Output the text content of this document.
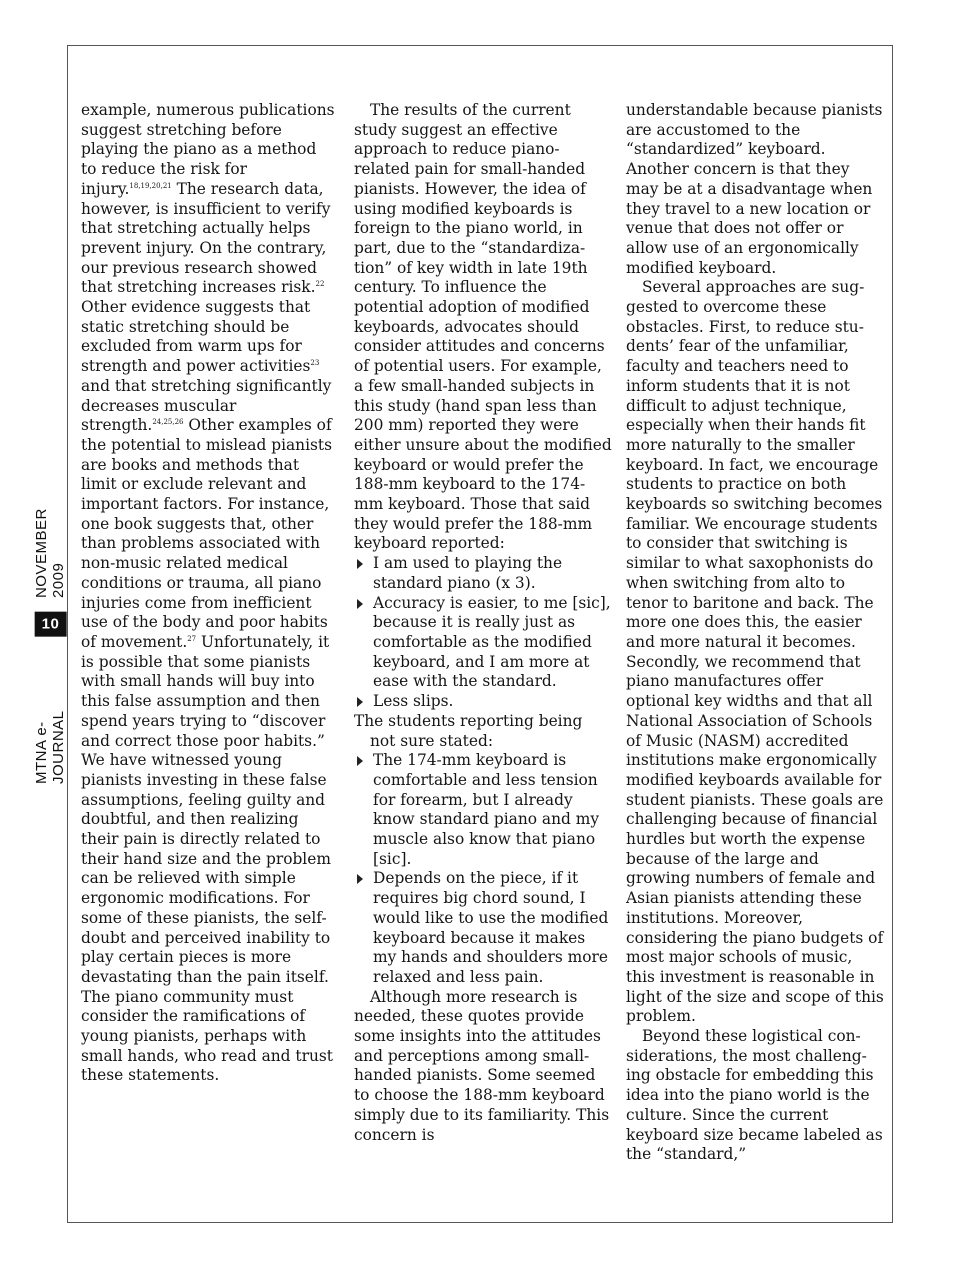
MTNA e-JOURNAL
10
NOVEMBER 2009

example, numerous publications suggest stretching before playing the piano as a method to reduce the risk for injury.$^{18,19,20,21}$ The research data, however, is insufficient to verify that stretching actually helps prevent injury. On the contrary, our previous research showed that stretching increases risk.$^{22}$ Other evidence suggests that static stretching should be excluded from warm ups for strength and power activities$^{23}$ and that stretching significantly decreases muscular strength.$^{24,25,26}$ Other examples of the potential to mislead pianists are books and methods that limit or exclude relevant and important factors. For instance, one book suggests that, other than problems associated with non-music related medical conditions or trauma, all piano injuries come from inefficient use of the body and poor habits of movement.$^{27}$ Unfortunately, it is possible that some pianists with small hands will buy into this false assumption and then spend years trying to “discover and correct those poor habits.” We have witnessed young pianists investing in these false assumptions, feeling guilty and doubtful, and then realizing their pain is directly related to their hand size and the problem can be relieved with simple ergonomic modifications. For some of these pianists, the self-doubt and perceived inability to play certain pieces is more devastating than the pain itself. The piano community must consider the ramifications of young pianists, perhaps with small hands, who read and trust these statements.

The results of the current study suggest an effective approach to reduce piano-related pain for small-handed pianists. However, the idea of using modified keyboards is foreign to the piano world, in part, due to the “standardization” of key width in late 19th century. To influence the potential adoption of modified keyboards, advocates should consider attitudes and concerns of potential users. For example, a few small-handed subjects in this study (hand span less than 200 mm) reported they were either unsure about the modified keyboard or would prefer the 188-mm keyboard to the 174-mm keyboard. Those that said they would prefer the 188-mm keyboard reported:

I am used to playing the standard piano (x 3).
Accuracy is easier, to me [sic], because it is really just as comfortable as the modified keyboard, and I am more at ease with the standard.
Less slips.

The students reporting being not sure stated:

The 174-mm keyboard is comfortable and less tension for forearm, but I already know standard piano and my muscle also know that piano [sic].
Depends on the piece, if it requires big chord sound, I would like to use the modified keyboard because it makes my hands and shoulders more relaxed and less pain.

Although more research is needed, these quotes provide some insights into the attitudes and perceptions among small-handed pianists. Some seemed to choose the 188-mm keyboard simply due to its familiarity. This concern is

understandable because pianists are accustomed to the “standardized” keyboard. Another concern is that they may be at a disadvantage when they travel to a new location or venue that does not offer or allow use of an ergonomically modified keyboard.

Several approaches are suggested to overcome these obstacles. First, to reduce students’ fear of the unfamiliar, faculty and teachers need to inform students that it is not difficult to adjust technique, especially when their hands fit more naturally to the smaller keyboard. In fact, we encourage students to practice on both keyboards so switching becomes familiar. We encourage students to consider that switching is similar to what saxophonists do when switching from alto to tenor to baritone and back. The more one does this, the easier and more natural it becomes. Secondly, we recommend that piano manufactures offer optional key widths and that all National Association of Schools of Music (NASM) accredited institutions make ergonomically modified keyboards available for student pianists. These goals are challenging because of financial hurdles but worth the expense because of the large and growing numbers of female and Asian pianists attending these institutions. Moreover, considering the piano budgets of most major schools of music, this investment is reasonable in light of the size and scope of this problem.

Beyond these logistical considerations, the most challenging obstacle for embedding this idea into the piano world is the culture. Since the current keyboard size became labeled as the “standard,”
